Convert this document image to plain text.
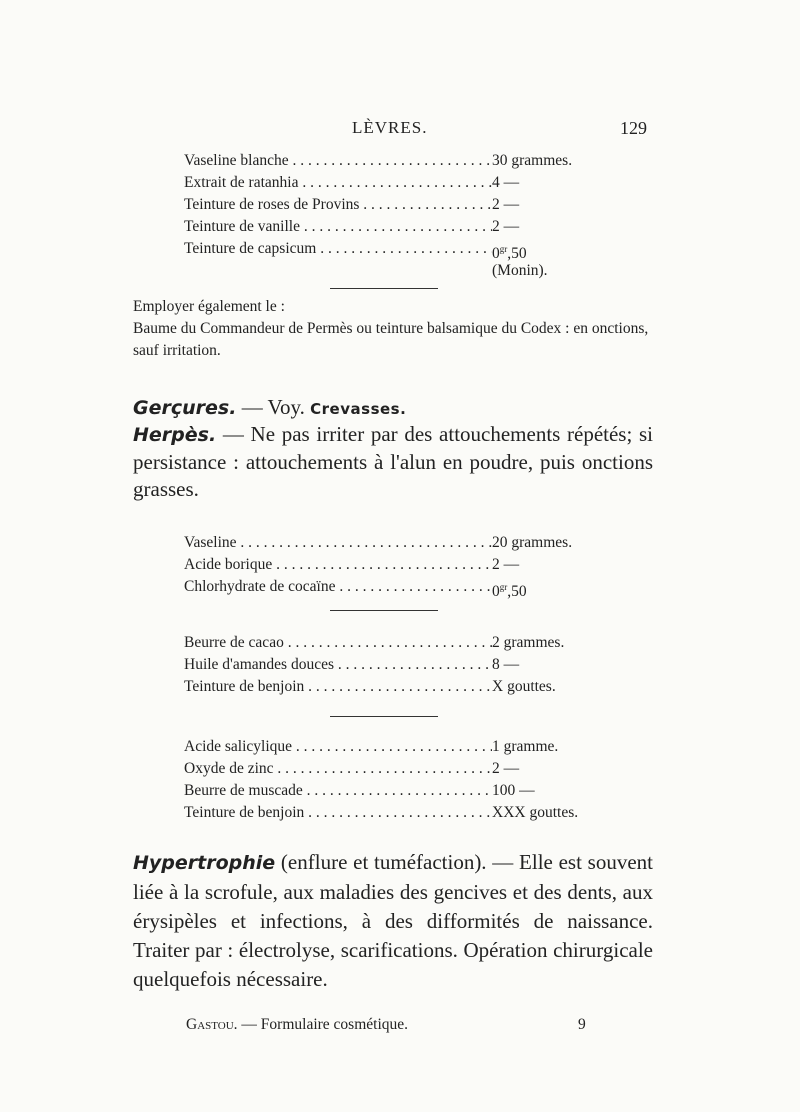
LÈVRES.	129
Vaseline blanche . . .	30 grammes.
Extrait de ratanhia . . .	4 —
Teinture de roses de Provins . . .	2 —
Teinture de vanille . . .	2 —
Teinture de capsicum . . .	$0^{gr},50$
(Monin).

Employer également le :

Baume du Commandeur de Permès ou teinture balsamique du Codex : en onctions, sauf irritation.

Gerçures. — Voy. Crevasses.

Herpès. — Ne pas irriter par des attouchements répétés; si persistance : attouchements à l'alun en poudre, puis onctions grasses.

Vaseline . . .	20 grammes.
Acide borique . . .	2 —
Chlorhydrate de cocaïne . . .	$0^{gr},50$
Beurre de cacao . . .	2 grammes.
Huile d'amandes douces . . .	8 —
Teinture de benjoin . . .	X gouttes.
Acide salicylique . . .	1 gramme.
Oxyde de zinc . . .	2 —
Beurre de muscade . . .	100 —
Teinture de benjoin . . .	XXX gouttes.

Hypertrophie (enflure et tuméfaction). — Elle est souvent liée à la scrofule, aux maladies des gencives et des dents, aux érysipèles et infections, à des difformités de naissance. Traiter par : électrolyse, scarifications. Opération chirurgicale quelquefois nécessaire.

Gastou. — Formulaire cosmétique.	9
